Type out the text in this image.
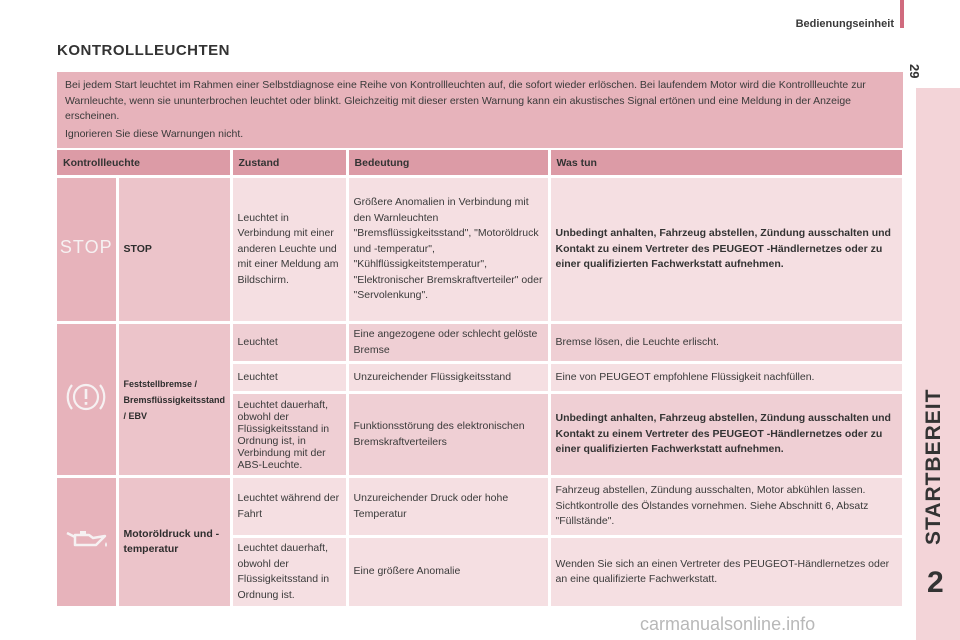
Bedienungseinheit
KONTROLLLEUCHTEN
29
STARTBEREIT
2

Bei jedem Start leuchtet im Rahmen einer Selbstdiagnose eine Reihe von Kontrollleuchten auf, die sofort wieder erlöschen. Bei laufendem Motor wird die Kontrollleuchte zur Warnleuchte, wenn sie ununterbrochen leuchtet oder blinkt. Gleichzeitig mit dieser ersten Warnung kann ein akustisches Signal ertönen und eine Meldung in der Anzeige erscheinen.

Ignorieren Sie diese Warnungen nicht.

Kontrollleuchte		Zustand	Bedeutung	Was tun
STOP	STOP	Leuchtet in Verbindung mit einer anderen Leuchte und mit einer Meldung am Bildschirm.	Größere Anomalien in Verbindung mit den Warnleuchten "Bremsflüssigkeitsstand", "Motoröldruck und -temperatur", "Kühlflüssigkeitstemperatur", "Elektronischer Bremskraftverteiler" oder "Servolenkung".	Unbedingt anhalten, Fahrzeug abstellen, Zündung ausschalten und Kontakt zu einem Vertreter des PEUGEOT -Händlernetzes oder zu einer qualifizierten Fachwerkstatt aufnehmen.
	Feststellbremse / Bremsflüssigkeitsstand / EBV	Leuchtet	Eine angezogene oder schlecht gelöste Bremse	Bremse lösen, die Leuchte erlischt.
		Leuchtet	Unzureichender Flüssigkeitsstand	Eine von PEUGEOT empfohlene Flüssigkeit nachfüllen.
		Leuchtet dauerhaft, obwohl der Flüssigkeitsstand in Ordnung ist, in Verbindung mit der ABS-Leuchte.	Funktionsstörung des elektronischen Bremskraftverteilers	Unbedingt anhalten, Fahrzeug abstellen, Zündung ausschalten und Kontakt zu einem Vertreter des PEUGEOT -Händlernetzes oder zu einer qualifizierten Fachwerkstatt aufnehmen.
	Motoröldruck und -temperatur	Leuchtet während der Fahrt	Unzureichender Druck oder hohe Temperatur	Fahrzeug abstellen, Zündung ausschalten, Motor abkühlen lassen. Sichtkontrolle des Ölstandes vornehmen. Siehe Abschnitt 6, Absatz "Füllstände".
		Leuchtet dauerhaft, obwohl der Flüssigkeitsstand in Ordnung ist.	Eine größere Anomalie	Wenden Sie sich an einen Vertreter des PEUGEOT-Händlernetzes oder an eine qualifizierte Fachwerkstatt.
carmanualsonline.info
